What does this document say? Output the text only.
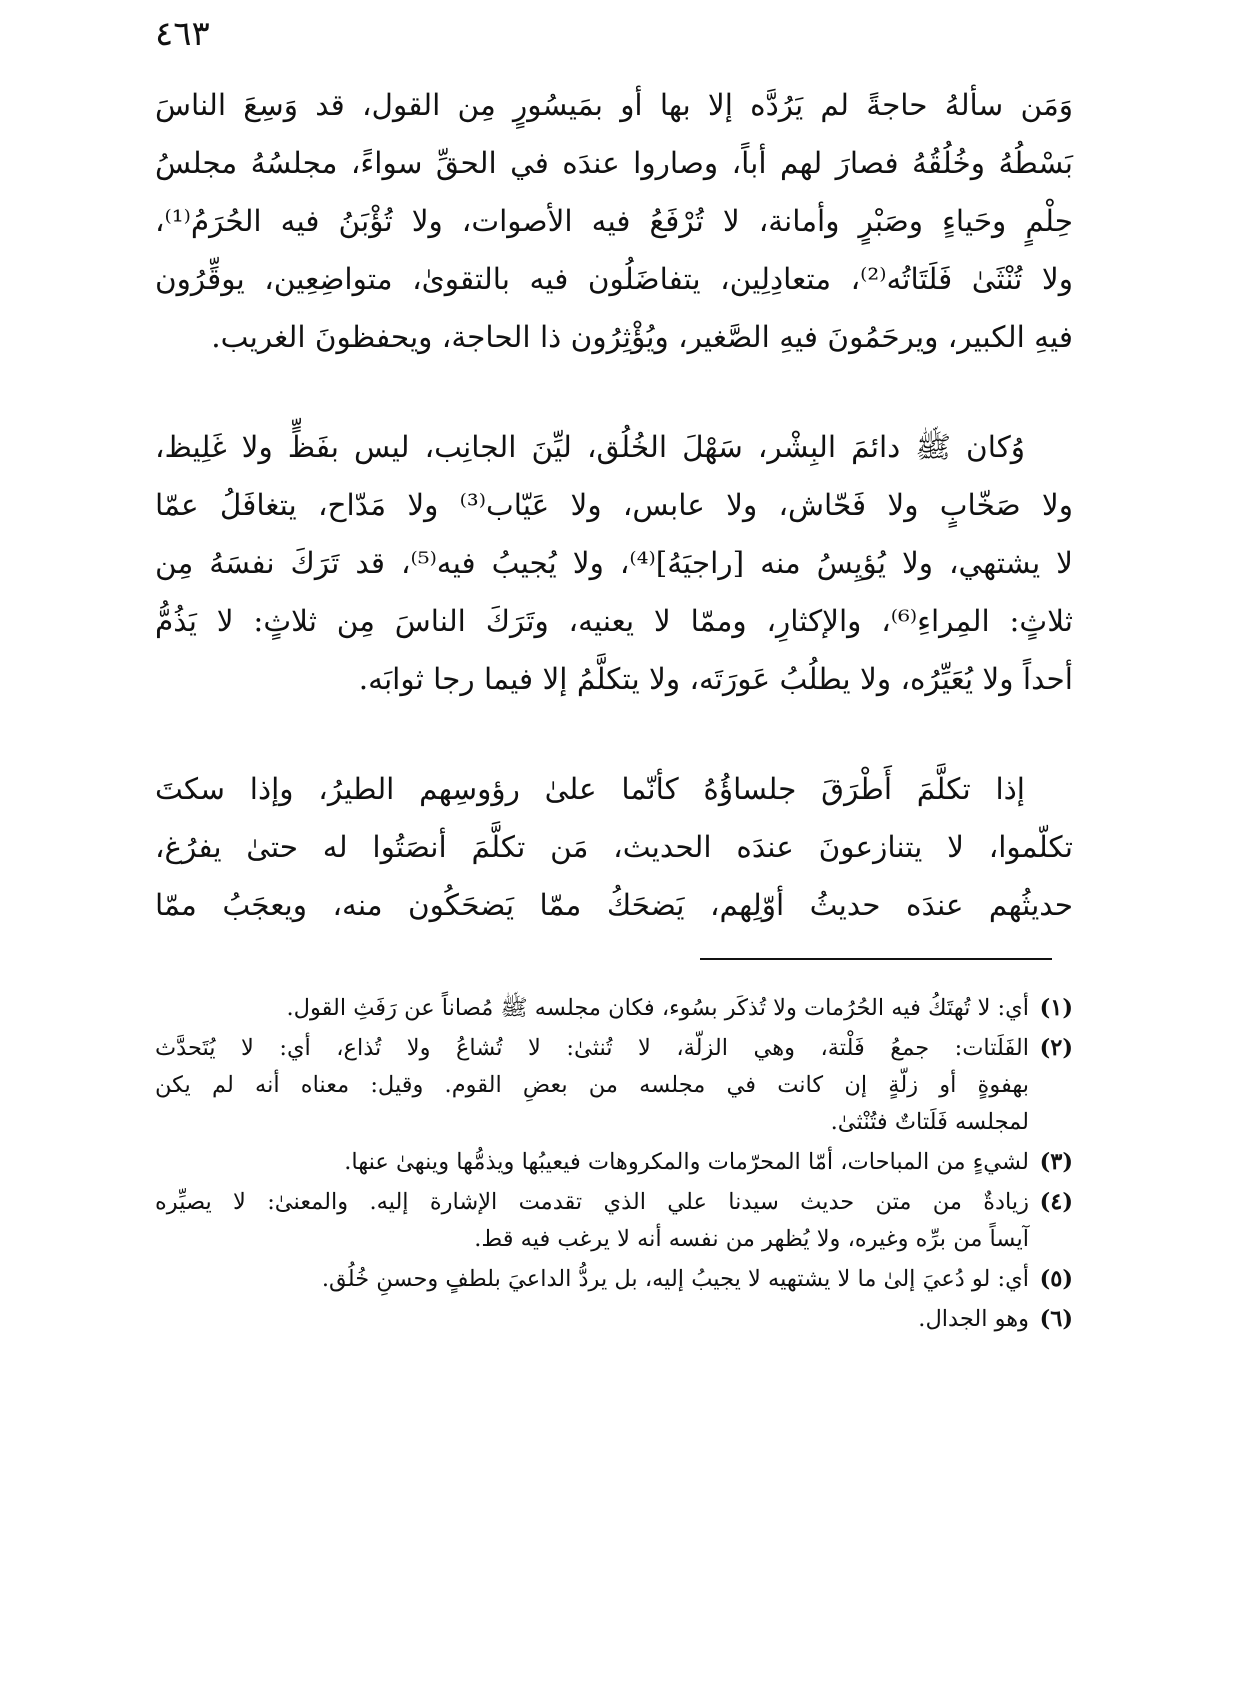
٤٦٣
وَمَن سألهُ حاجةً لم يَرُدَّه إلا بها أو بمَيسُورٍ مِن القول، قد وَسِعَ الناسَ
بَسْطُهُ وخُلُقُهُ فصارَ لهم أباً، وصاروا عندَه في الحقِّ سواءً، مجلسُهُ مجلسُ
حِلْمٍ وحَياءٍ وصَبْرٍ وأمانة، لا تُرْفَعُ فيه الأصوات، ولا تُؤْبَنُ فيه الحُرَمُ⁽¹⁾،
ولا تُنْثَىٰ فَلَتَاتُه⁽²⁾، متعادِلِين، يتفاضَلُون فيه بالتقوىٰ، متواضِعِين، يوقِّرُون
فيهِ الكبير، ويرحَمُونَ فيهِ الصَّغير، ويُؤْثِرُون ذا الحاجة، ويحفظونَ الغريب.
وُكان ﷺ دائمَ البِشْر، سَهْلَ الخُلُق، ليِّنَ الجانِب، ليس بفَظٍّ ولا غَلِيظ،
ولا صَخّابٍ ولا فَحّاش، ولا عابس، ولا عَيّاب⁽³⁾ ولا مَدّاح، يتغافَلُ عمّا
لا يشتهي، ولا يُؤيِسُ منه [راجيَهُ]⁽⁴⁾، ولا يُجيبُ فيه⁽⁵⁾، قد تَرَكَ نفسَهُ مِن
ثلاثٍ: المِراءِ⁽⁶⁾، والإكثارِ، وممّا لا يعنيه، وتَرَكَ الناسَ مِن ثلاثٍ: لا يَذُمُّ
أحداً ولا يُعَيِّرُه، ولا يطلُبُ عَورَتَه، ولا يتكلَّمُ إلا فيما رجا ثوابَه.
إذا تكلَّمَ أَطْرَقَ جلساؤُهُ كأنّما علىٰ رؤوسِهم الطيرُ، وإذا سكتَ
تكلّموا، لا يتنازعونَ عندَه الحديث، مَن تكلَّمَ أنصَتُوا له حتىٰ يفرُغ،
حديثُهم عندَه حديثُ أوّلِهم، يَضحَكُ ممّا يَضحَكُون منه، ويعجَبُ ممّا
(١)
أي: لا تُهتَكُ فيه الحُرُمات ولا تُذكَر بسُوء، فكان مجلسه ﷺ مُصاناً عن رَفَثِ القول.
(٢)
الفَلَتات: جمعُ فَلْتة، وهي الزلّة، لا تُنثىٰ: لا تُشاعُ ولا تُذاع، أي: لا يُتَحدَّث
بهفوةٍ أو زلّةٍ إن كانت في مجلسه من بعضِ القوم. وقيل: معناه أنه لم يكن
لمجلسه فَلَتاتٌ فتُنْثىٰ.
(٣)
لشيءٍ من المباحات، أمّا المحرّمات والمكروهات فيعيبُها ويذمُّها وينهىٰ عنها.
(٤)
زيادةٌ من متن حديث سيدنا علي الذي تقدمت الإشارة إليه. والمعنىٰ: لا يصيِّره
آيساً من برِّه وغيره، ولا يُظهر من نفسه أنه لا يرغب فيه قط.
(٥)
أي: لو دُعيَ إلىٰ ما لا يشتهيه لا يجيبُ إليه، بل يردُّ الداعيَ بلطفٍ وحسنِ خُلُق.
(٦)
وهو الجدال.
